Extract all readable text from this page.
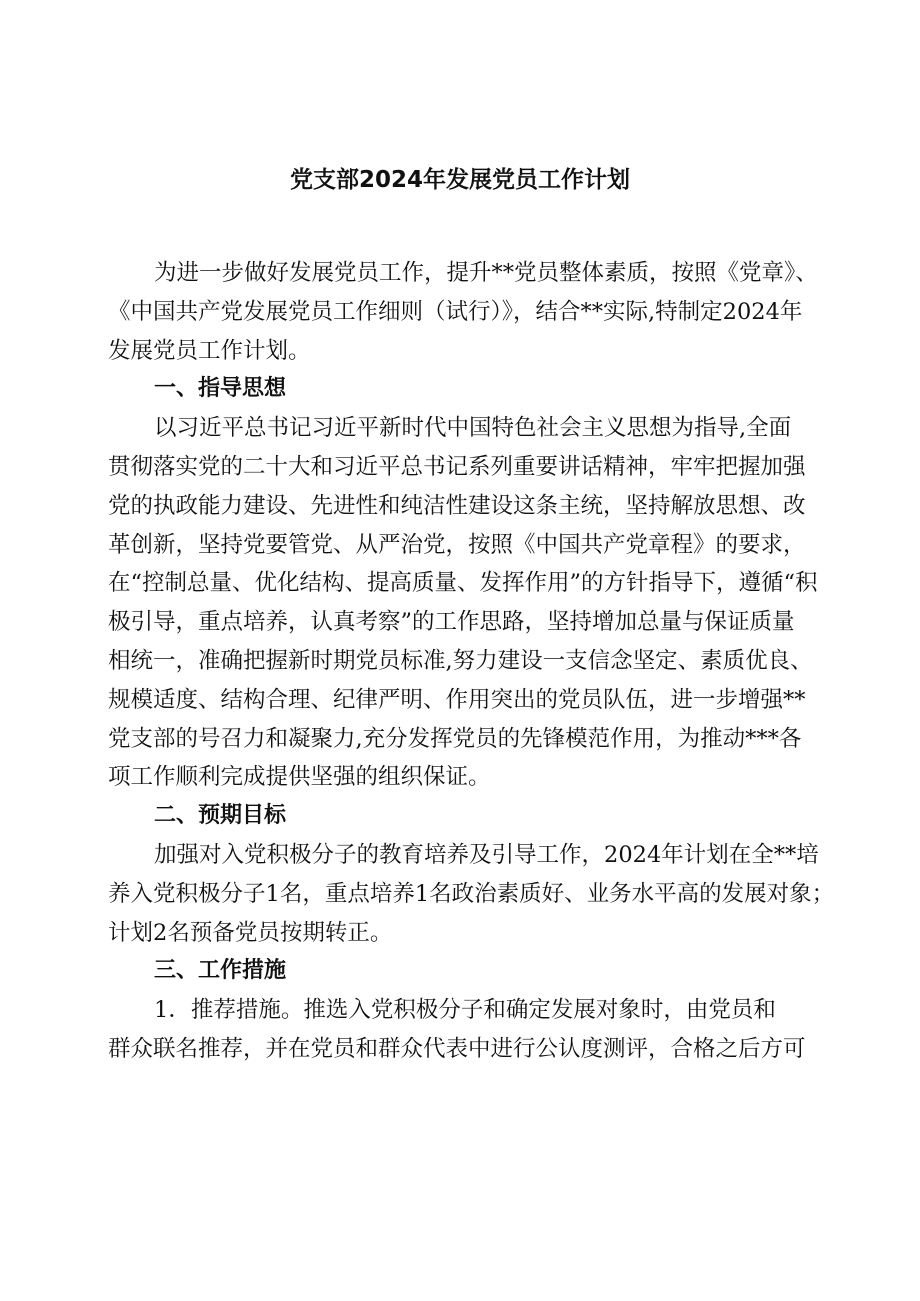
党支部2024年发展党员工作计划
为进一步做好发展党员工作，提升**党员整体素质，按照《党章》、
《中国共产党发展党员工作细则（试行）》，结合**实际,特制定2024年
发展党员工作计划。
一、指导思想
以习近平总书记习近平新时代中国特色社会主义思想为指导,全面
贯彻落实党的二十大和习近平总书记系列重要讲话精神，牢牢把握加强
党的执政能力建设、先进性和纯洁性建设这条主统，坚持解放思想、改
革创新，坚持党要管党、从严治党，按照《中国共产党章程》的要求，
在“控制总量、优化结构、提高质量、发挥作用”的方针指导下，遵循“积
极引导，重点培养，认真考察”的工作思路，坚持增加总量与保证质量
相统一，准确把握新时期党员标准,努力建设一支信念坚定、素质优良、
规模适度、结构合理、纪律严明、作用突出的党员队伍，进一步增强**
党支部的号召力和凝聚力,充分发挥党员的先锋模范作用，为推动***各
项工作顺利完成提供坚强的组织保证。
二、预期目标
加强对入党积极分子的教育培养及引导工作，2024年计划在全**培
养入党积极分子1名，重点培养1名政治素质好、业务水平高的发展对象；
计划2名预备党员按期转正。
三、工作措施
1．推荐措施。推选入党积极分子和确定发展对象时，由党员和
群众联名推荐，并在党员和群众代表中进行公认度测评，合格之后方可
